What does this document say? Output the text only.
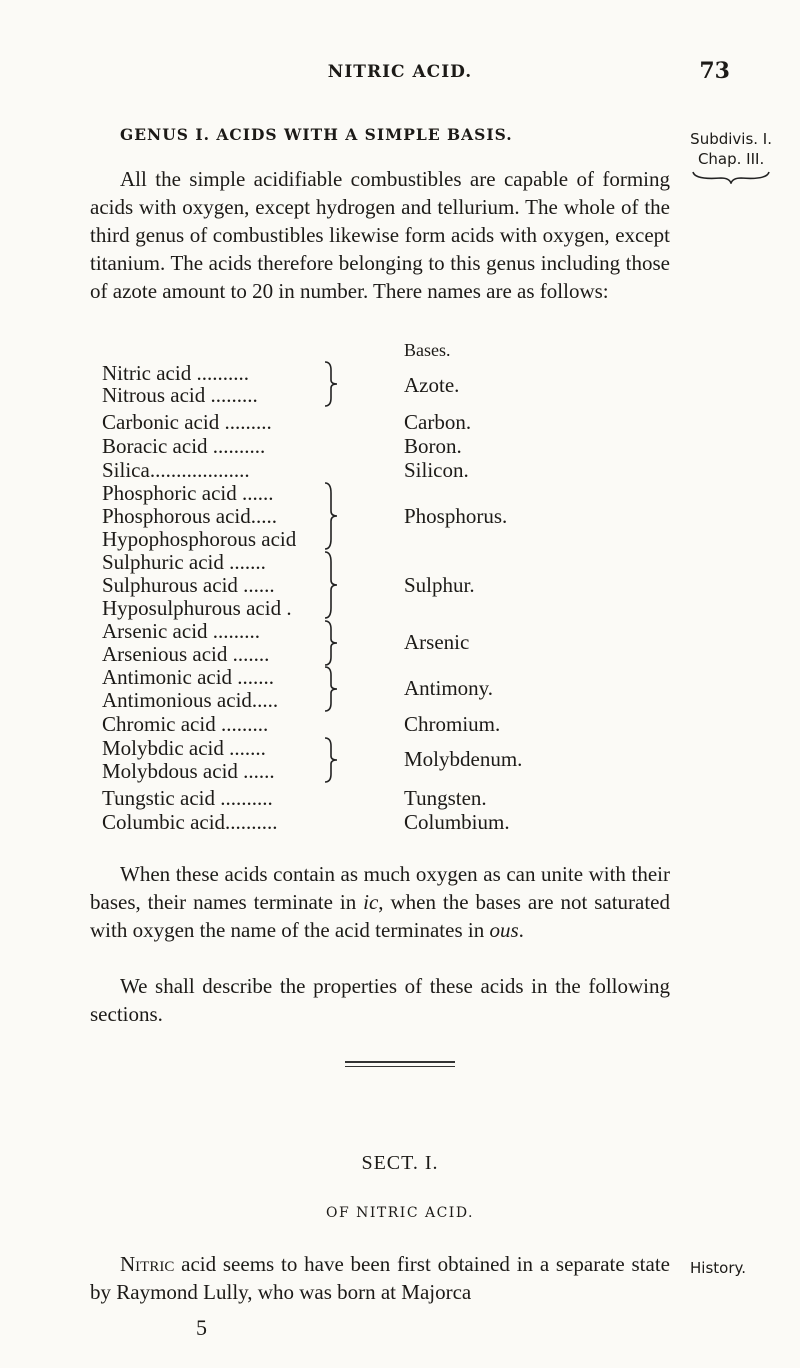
NITRIC ACID.	73
GENUS I. ACIDS WITH A SIMPLE BASIS.	Subdivis. I.
Chap. III.
All the simple acidifiable combustibles are capable of forming acids with oxygen, except hydrogen and tellurium. The whole of the third genus of combustibles likewise form acids with oxygen, except titanium. The acids therefore belonging to this genus including those of azote amount to 20 in number. There names are as follows:
Bases.
Nitric acid ..........
Nitrous acid .........
Carbonic acid .........
Boracic acid ..........
Silica...................
Phosphoric acid ......
Phosphorous acid.....
Hypophosphorous acid
Sulphuric acid .......
Sulphurous acid ......
Hyposulphurous acid .
Arsenic acid .........
Arsenious acid .......
Antimonic acid .......
Antimonious acid.....
Chromic acid .........
Molybdic acid .......
Molybdous acid ......
Tungstic acid ..........
Columbic acid..........
Azote.
Carbon.
Boron.
Silicon.
Phosphorus.
Sulphur.
Arsenic
Antimony.
Chromium.
Molybdenum.
Tungsten.
Columbium.
When these acids contain as much oxygen as can unite with their bases, their names terminate in ic, when the bases are not saturated with oxygen the name of the acid terminates in ous.
We shall describe the properties of these acids in the following sections.
SECT. I.
OF NITRIC ACID.
Nitric acid seems to have been first obtained in a separate state by Raymond Lully, who was born at Majorca
History.
5
